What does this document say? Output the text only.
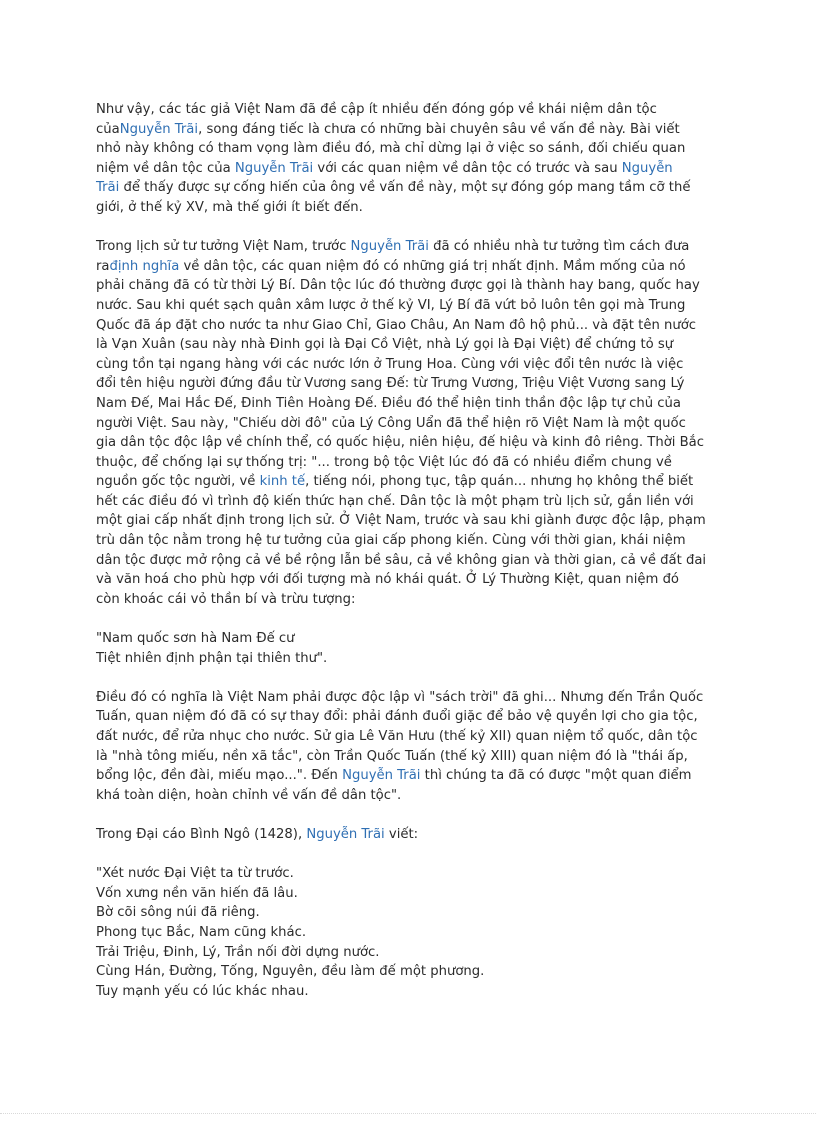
Như vậy, các tác giả Việt Nam đã đề cập ít nhiều đến đóng góp về khái niệm dân tộc
củaNguyễn Trãi, song đáng tiếc là chưa có những bài chuyên sâu về vấn đề này. Bài viết
nhỏ này không có tham vọng làm điều đó, mà chỉ dừng lại ở việc so sánh, đối chiếu quan
niệm về dân tộc của Nguyễn Trãi với các quan niệm về dân tộc có trước và sau Nguyễn
Trãi để thấy được sự cống hiến của ông về vấn đề này, một sự đóng góp mang tầm cỡ thế
giới, ở thế kỷ XV, mà thế giới ít biết đến.
Trong lịch sử tư tưởng Việt Nam, trước Nguyễn Trãi đã có nhiều nhà tư tưởng tìm cách đưa
rađịnh nghĩa về dân tộc, các quan niệm đó có những giá trị nhất định. Mầm mống của nó
phải chăng đã có từ thời Lý Bí. Dân tộc lúc đó thường được gọi là thành hay bang, quốc hay
nước. Sau khi quét sạch quân xâm lược ở thế kỷ VI, Lý Bí đã vứt bỏ luôn tên gọi mà Trung
Quốc đã áp đặt cho nước ta như Giao Chỉ, Giao Châu, An Nam đô hộ phủ... và đặt tên nước
là Vạn Xuân (sau này nhà Đinh gọi là Đại Cồ Việt, nhà Lý gọi là Đại Việt) để chứng tỏ sự
cùng tồn tại ngang hàng với các nước lớn ở Trung Hoa. Cùng với việc đổi tên nước là việc
đổi tên hiệu người đứng đầu từ Vương sang Đế: từ Trưng Vương, Triệu Việt Vương sang Lý
Nam Đế, Mai Hắc Đế, Đinh Tiên Hoàng Đế. Điều đó thể hiện tinh thần độc lập tự chủ của
người Việt. Sau này, "Chiếu dời đô" của Lý Công Uẩn đã thể hiện rõ Việt Nam là một quốc
gia dân tộc độc lập về chính thể, có quốc hiệu, niên hiệu, đế hiệu và kinh đô riêng. Thời Bắc
thuộc, để chống lại sự thống trị: "... trong bộ tộc Việt lúc đó đã có nhiều điểm chung về
nguồn gốc tộc người, về kinh tế, tiếng nói, phong tục, tập quán... nhưng họ không thể biết
hết các điều đó vì trình độ kiến thức hạn chế. Dân tộc là một phạm trù lịch sử, gắn liền với
một giai cấp nhất định trong lịch sử. Ở Việt Nam, trước và sau khi giành được độc lập, phạm
trù dân tộc nằm trong hệ tư tưởng của giai cấp phong kiến. Cùng với thời gian, khái niệm
dân tộc được mở rộng cả về bề rộng lẫn bề sâu, cả về không gian và thời gian, cả về đất đai
và văn hoá cho phù hợp với đối tượng mà nó khái quát. Ở Lý Thường Kiệt, quan niệm đó
còn khoác cái vỏ thần bí và trừu tượng:
"Nam quốc sơn hà Nam Đế cư
Tiệt nhiên định phận tại thiên thư".
Điều đó có nghĩa là Việt Nam phải được độc lập vì "sách trời" đã ghi... Nhưng đến Trần Quốc
Tuấn, quan niệm đó đã có sự thay đổi: phải đánh đuổi giặc để bảo vệ quyền lợi cho gia tộc,
đất nước, để rửa nhục cho nước. Sử gia Lê Văn Hưu (thế kỷ XII) quan niệm tổ quốc, dân tộc
là "nhà tông miếu, nền xã tắc", còn Trần Quốc Tuấn (thế kỷ XIII) quan niệm đó là "thái ấp,
bổng lộc, đền đài, miếu mạo...". Đến Nguyễn Trãi thì chúng ta đã có được "một quan điểm
khá toàn diện, hoàn chỉnh về vấn đề dân tộc".
Trong Đại cáo Bình Ngô (1428), Nguyễn Trãi viết:
"Xét nước Đại Việt ta từ trước.
Vốn xưng nền văn hiến đã lâu.
Bờ cõi sông núi đã riêng.
Phong tục Bắc, Nam cũng khác.
Trải Triệu, Đinh, Lý, Trần nối đời dựng nước.
Cùng Hán, Đường, Tống, Nguyên, đều làm đế một phương.
Tuy mạnh yếu có lúc khác nhau.
